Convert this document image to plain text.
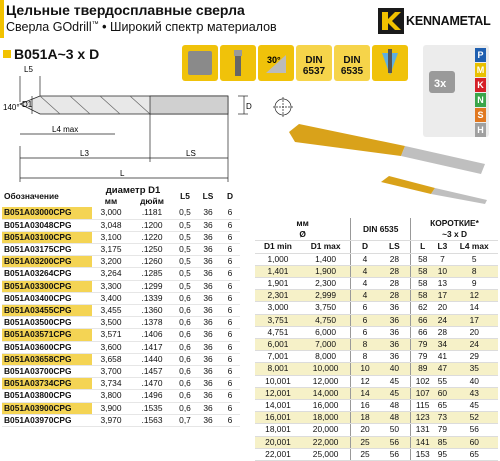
Цельные твердосплавные сверла
Сверла GOdrill™ • Широкий спектр материалов	KENNAMETAL
B051A~3 x D	30°	DIN
6537
DIN
6535
3x
P
M
K
N
S
H
140° D1	D
L5
L4 max
L3	LS
L
Обозначение	диаметр D1		L5	LS	D
	мм	дюйм			
B051A03000CPG	3,000	.1181	0,5	36	6
B051A03048CPG	3,048	.1200	0,5	36	6
B051A03100CPG	3,100	.1220	0,5	36	6
B051A03175CPG	3,175	.1250	0,5	36	6
B051A03200CPG	3,200	.1260	0,5	36	6
B051A03264CPG	3,264	.1285	0,5	36	6
B051A03300CPG	3,300	.1299	0,5	36	6
B051A03400CPG	3,400	.1339	0,6	36	6
B051A03455CPG	3,455	.1360	0,6	36	6
B051A03500CPG	3,500	.1378	0,6	36	6
B051A03571CPG	3,571	.1406	0,6	36	6
B051A03600CPG	3,600	.1417	0,6	36	6
B051A03658CPG	3,658	.1440	0,6	36	6
B051A03700CPG	3,700	.1457	0,6	36	6
B051A03734CPG	3,734	.1470	0,6	36	6
B051A03800CPG	3,800	.1496	0,6	36	6
B051A03900CPG	3,900	.1535	0,6	36	6
B051A03970CPG	3,970	.1563	0,7	36	6
мм		DIN 6535		КОРОТКИЕ*		
Ø				~3 x D		
D1 min	D1 max	D	LS	L	L3	L4 max
1,000	1,400	4	28	58	7	5
1,401	1,900	4	28	58	10	8
1,901	2,300	4	28	58	13	9
2,301	2,999	4	28	58	17	12
3,000	3,750	6	36	62	20	14
3,751	4,750	6	36	66	24	17
4,751	6,000	6	36	66	28	20
6,001	7,000	8	36	79	34	24
7,001	8,000	8	36	79	41	29
8,001	10,000	10	40	89	47	35
10,001	12,000	12	45	102	55	40
12,001	14,000	14	45	107	60	43
14,001	16,000	16	48	115	65	45
16,001	18,000	18	48	123	73	52
18,001	20,000	20	50	131	79	56
20,001	22,000	25	56	141	85	60
22,001	25,000	25	56	153	95	65
